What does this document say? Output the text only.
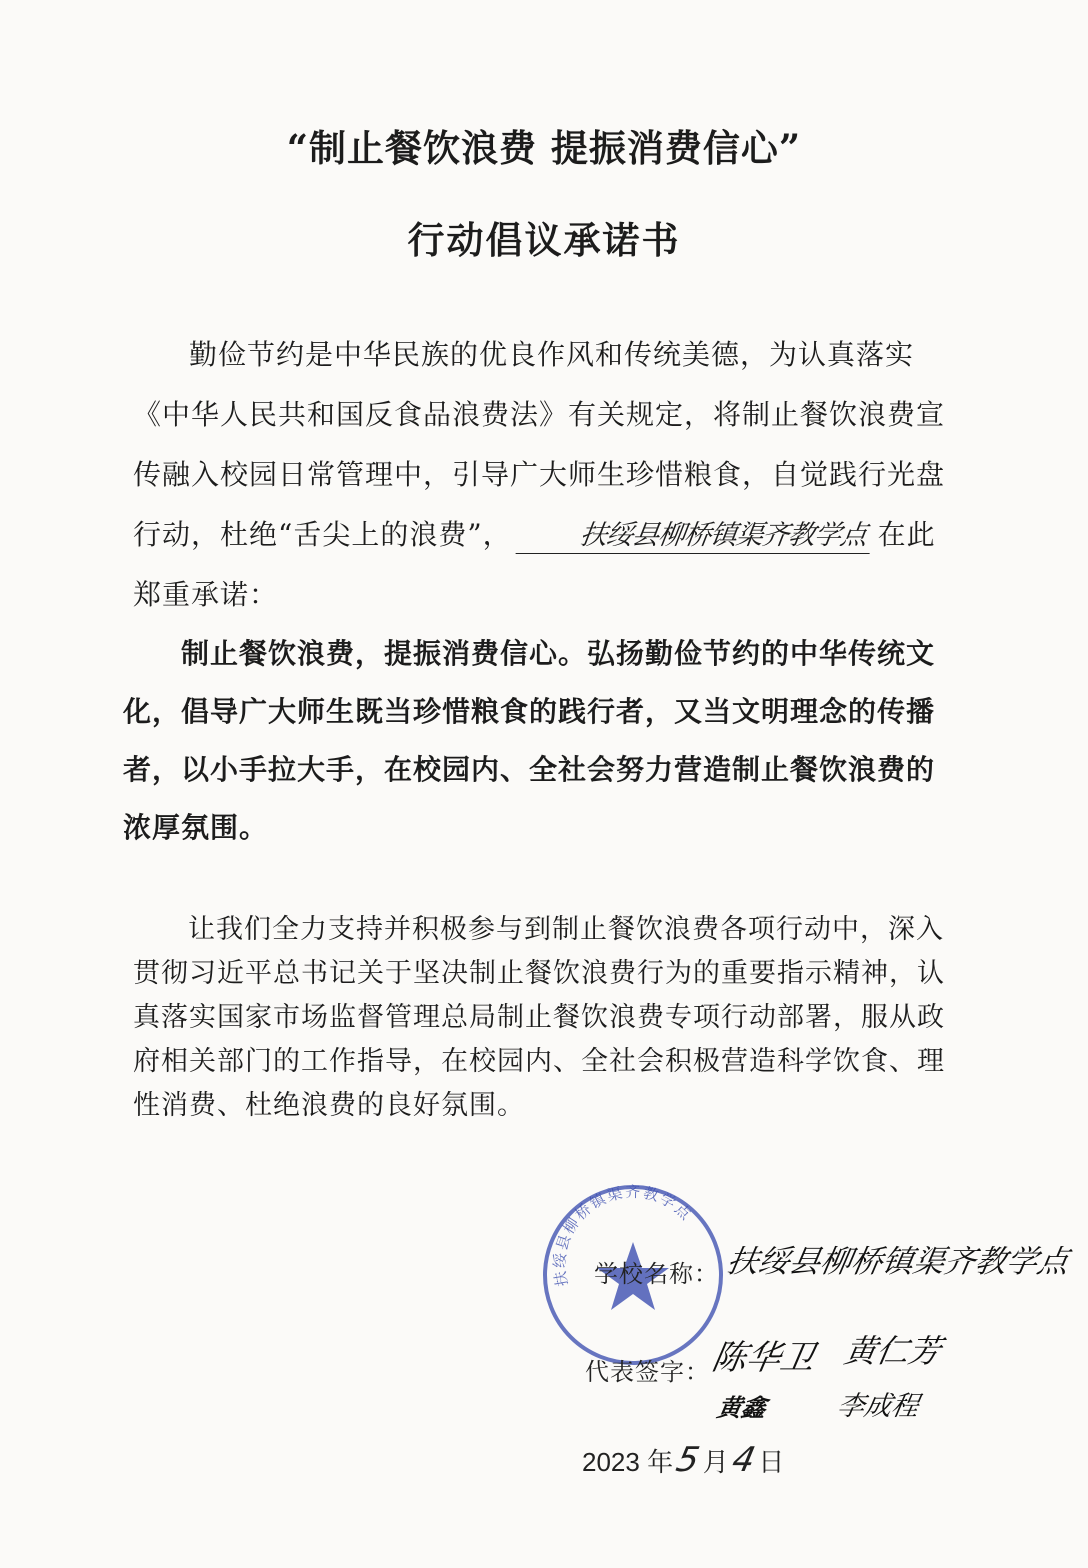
“制止餐饮浪费 提振消费信心”
行动倡议承诺书
勤俭节约是中华民族的优良作风和传统美德，为认真落实《中华人民共和国反食品浪费法》有关规定，将制止餐饮浪费宣传融入校园日常管理中，引导广大师生珍惜粮食，自觉践行光盘行动，杜绝“舌尖上的浪费”， 扶绥县柳桥镇渠齐教学点 在此郑重承诺：
制止餐饮浪费，提振消费信心。弘扬勤俭节约的中华传统文化，倡导广大师生既当珍惜粮食的践行者，又当文明理念的传播者，以小手拉大手，在校园内、全社会努力营造制止餐饮浪费的浓厚氛围。
让我们全力支持并积极参与到制止餐饮浪费各项行动中，深入贯彻习近平总书记关于坚决制止餐饮浪费行为的重要指示精神，认真落实国家市场监督管理总局制止餐饮浪费专项行动部署，服从政府相关部门的工作指导，在校园内、全社会积极营造科学饮食、理性消费、杜绝浪费的良好氛围。
扶绥县柳桥镇渠齐教学点
学校名称： 扶绥县柳桥镇渠齐教学点
代表签字：
陈华卫 黄仁芳
黄鑫 李成程
2023 年5月4日
